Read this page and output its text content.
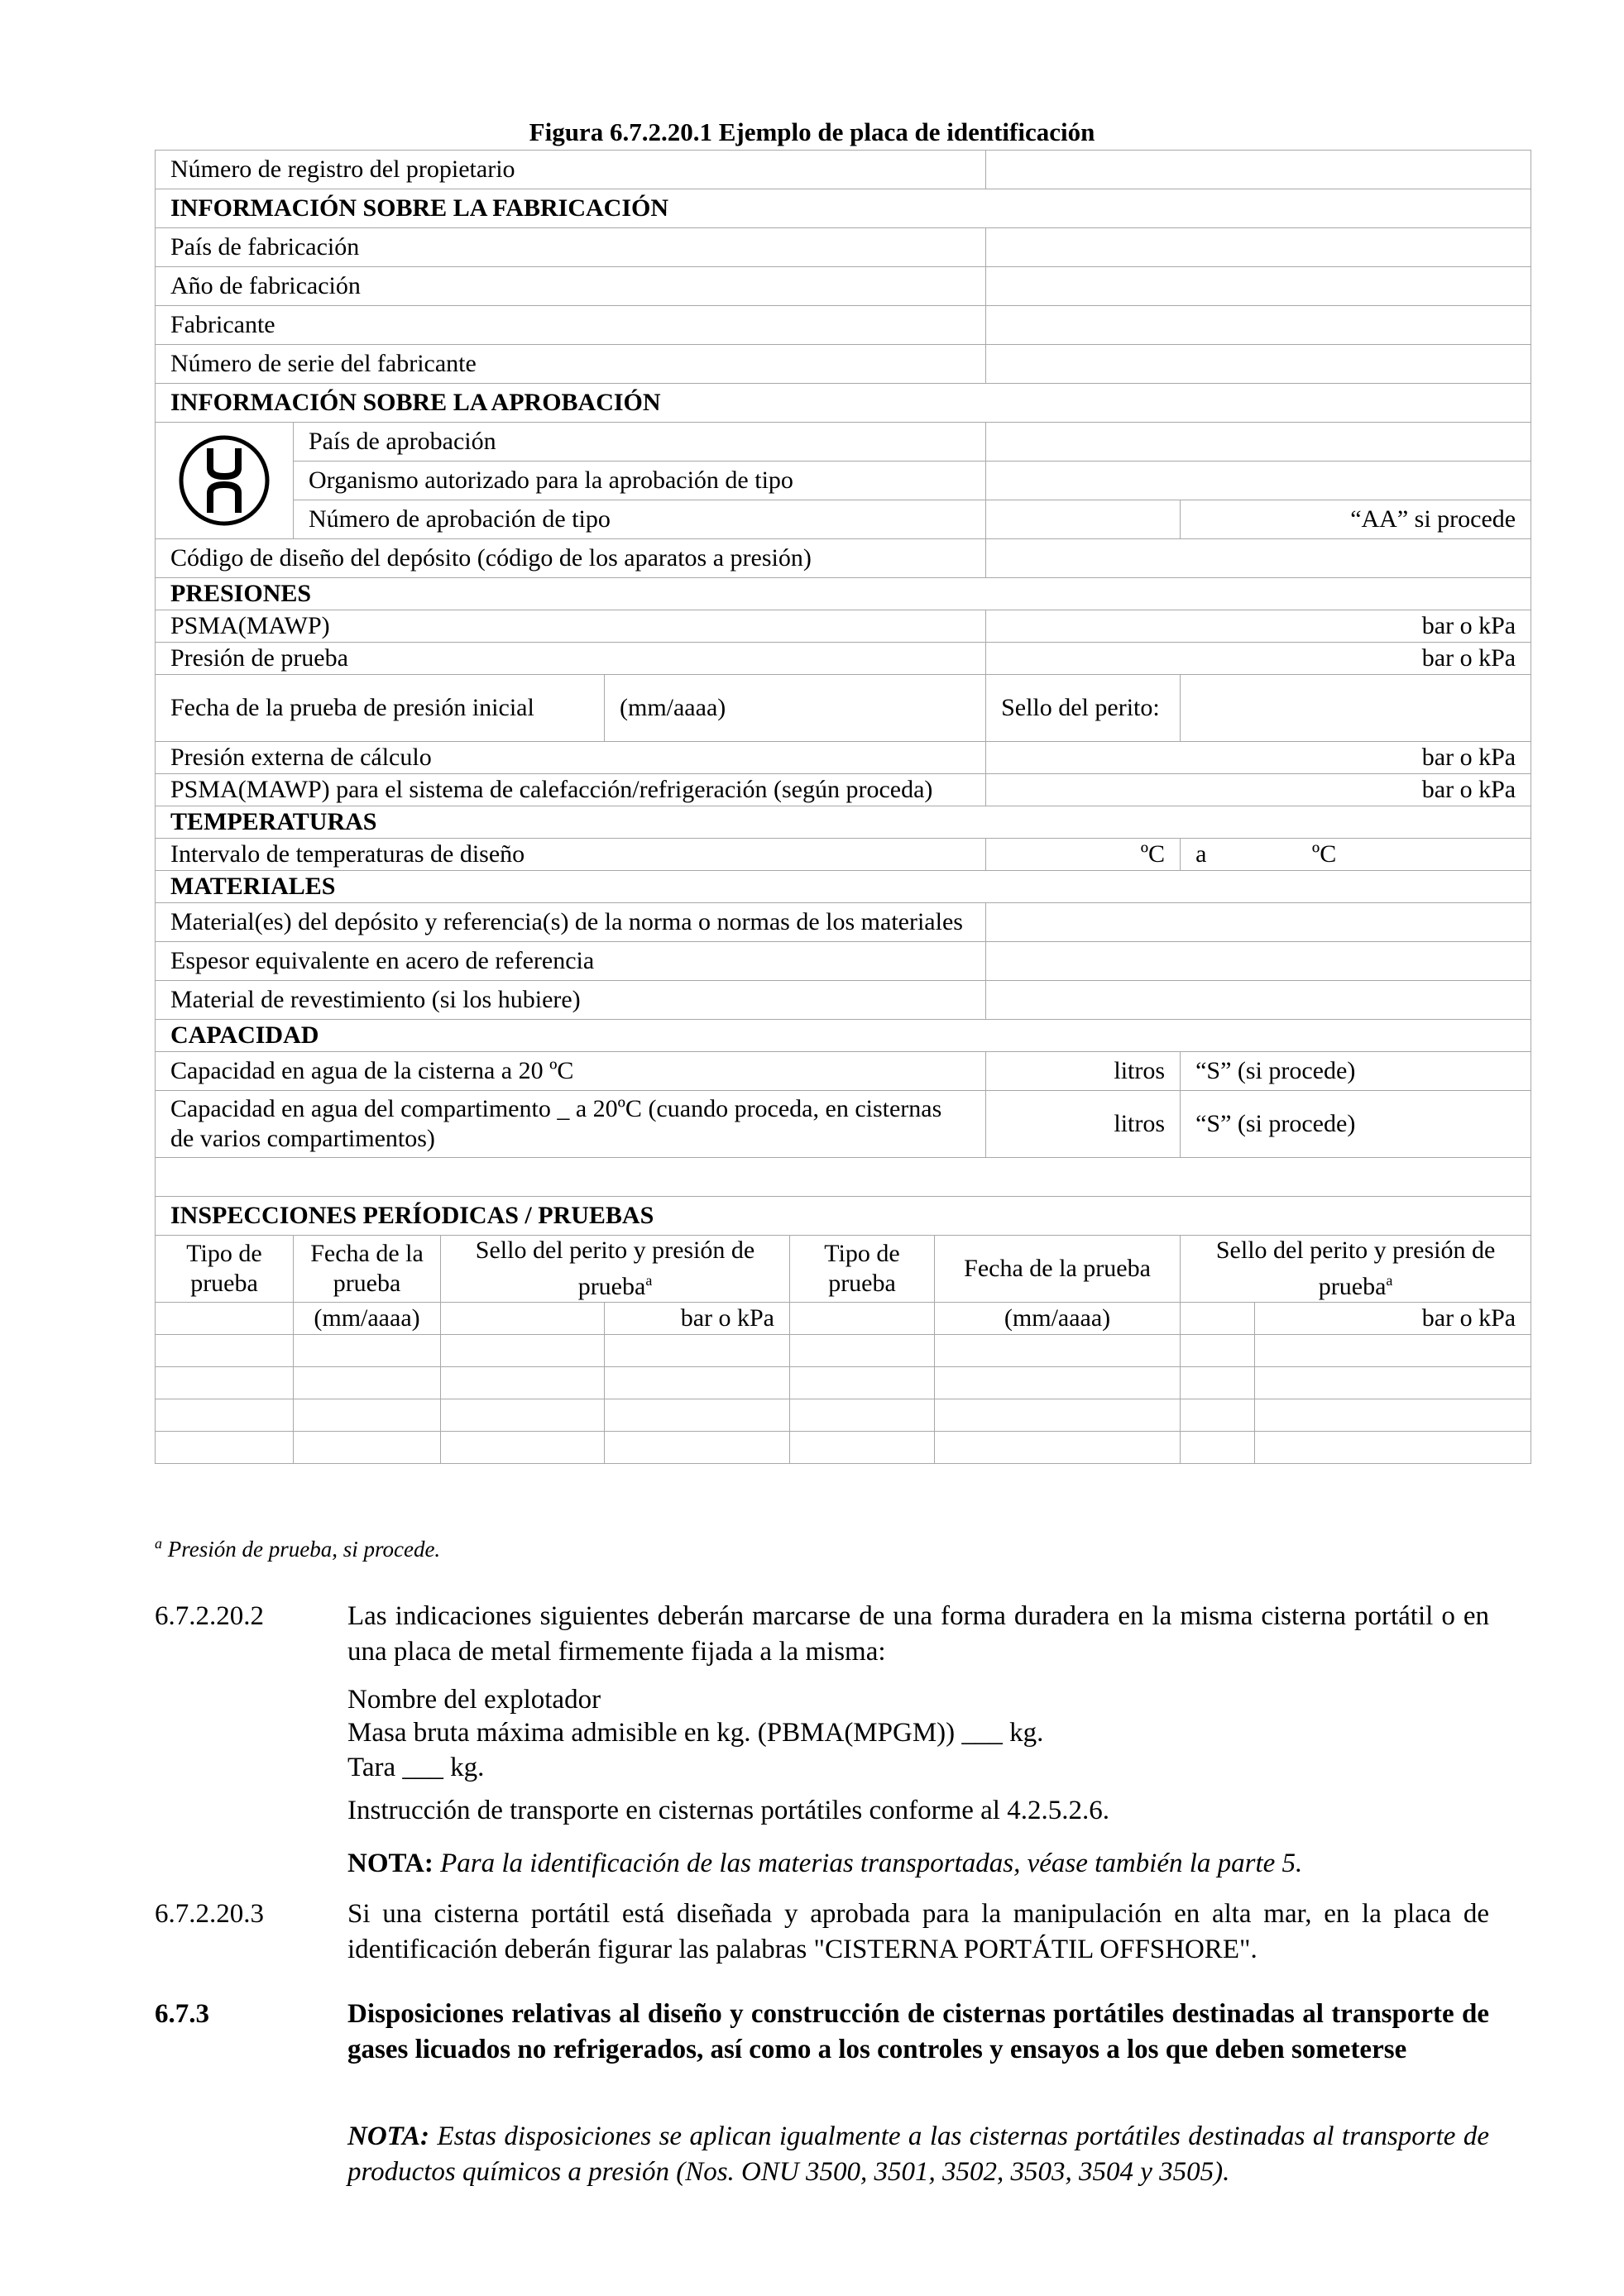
Figura 6.7.2.20.1 Ejemplo de placa de identificación
Número de registro del propietario								
INFORMACIÓN SOBRE LA FABRICACIÓN								
País de fabricación								
Año de fabricación								
Fabricante								
Número de serie del fabricante								
INFORMACIÓN SOBRE LA APROBACIÓN								

	País de aprobación							
	Organismo autorizado para la aprobación de tipo							
	Número de aprobación de tipo						“AA” si procede	
Código de diseño del depósito (código de los aparatos a presión)								
PRESIONES								
PSMA(MAWP)						bar o kPa		
Presión de prueba						bar o kPa		
Fecha de la prueba de presión inicial			(mm/aaaa)			Sello del perito:		
Presión externa de cálculo						bar o kPa		
PSMA(MAWP) para el sistema de calefacción/refrigeración (según proceda)						bar o kPa		
TEMPERATURAS								
Intervalo de temperaturas de diseño						ºC	a ºC	
MATERIALES								
Material(es) del depósito y referencia(s) de la norma o normas de los materiales								
Espesor equivalente en acero de referencia								
Material de revestimiento (si los hubiere)								
CAPACIDAD								
Capacidad en agua de la cisterna a 20 ºC						litros	“S” (si procede)	
Capacidad en agua del compartimento _ a 20ºC (cuando proceda, en cisternas de varios compartimentos)						litros	“S” (si procede)	

INSPECCIONES PERÍODICAS / PRUEBAS								
Tipo de prueba	Fecha de la prueba	Sello del perito y presión de prueba$^a$		Tipo de prueba	Fecha de la prueba		Sello del perito y presión de prueba$^a$
	(mm/aaaa)		bar o kPa		(mm/aaaa)			bar o kPa

$^a$ Presión de prueba, si procede.
6.7.2.20.2	Las indicaciones siguientes deberán marcarse de una forma duradera en la misma cisterna portátil o en una placa de metal firmemente fijada a la misma:
Nombre del explotador
Masa bruta máxima admisible en kg. (PBMA(MPGM)) ___ kg.
Tara ___ kg.
Instrucción de transporte en cisternas portátiles conforme al 4.2.5.2.6.
NOTA: Para la identificación de las materias transportadas, véase también la parte 5.
6.7.2.20.3	Si una cisterna portátil está diseñada y aprobada para la manipulación en alta mar, en la placa de identificación deberán figurar las palabras "CISTERNA PORTÁTIL OFFSHORE".
6.7.3	Disposiciones relativas al diseño y construcción de cisternas portátiles destinadas al transporte de gases licuados no refrigerados, así como a los controles y ensayos a los que deben someterse
NOTA: Estas disposiciones se aplican igualmente a las cisternas portátiles destinadas al transporte de productos químicos a presión (Nos. ONU 3500, 3501, 3502, 3503, 3504 y 3505).
